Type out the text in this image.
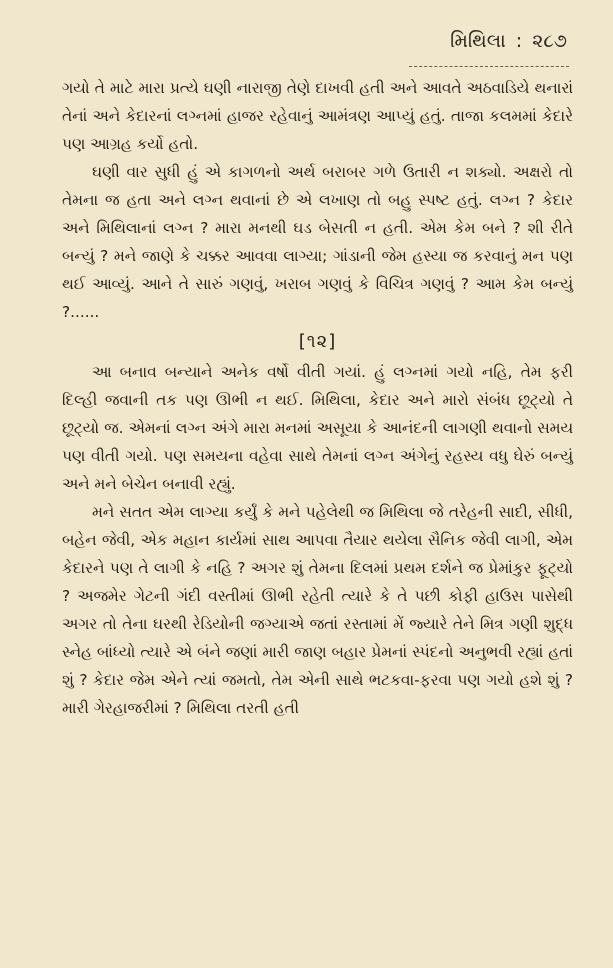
મિથિલા : ૨૮૭

ગયો તે માટે મારા પ્રત્યે ઘણી નારાજી તેણે દાખવી હતી અને આવતે અઠવાડિયે થનારાં તેનાં અને કેદારનાં લગ્નમાં હાજર રહેવાનું આમંત્રણ આપ્યું હતું. તાજા કલમમાં કેદારે પણ આગ્રહ કર્યો હતો.

ઘણી વાર સુધી હું એ કાગળનો અર્થ બરાબર ગળે ઉતારી ન શક્યો. અક્ષરો તો તેમના જ હતા અને લગ્ન થવાનાં છે એ લખાણ તો બહુ સ્પષ્ટ હતું. લગ્ન ? કેદાર અને મિથિલાનાં લગ્ન ? મારા મનથી ઘડ બેસતી ન હતી. એમ કેમ બને ? શી રીતે બન્યું ? મને જાણે કે ચક્કર આવવા લાગ્યા; ગાંડાની જેમ હસ્યા જ કરવાનું મન પણ થઈ આવ્યું. આને તે સારું ગણવું, ખરાબ ગણવું કે વિચિત્ર ગણવું ? આમ કેમ બન્યું ?......

[૧૨]

આ બનાવ બન્યાને અનેક વર્ષો વીતી ગયાં. હું લગ્નમાં ગયો નહિ, તેમ ફરી દિલ્હી જવાની તક પણ ઊભી ન થઈ. મિથિલા, કેદાર અને મારો સંબંધ છૂટ્યો તે છૂટ્યો જ. એમનાં લગ્ન અંગે મારા મનમાં અસૂયા કે આનંદની લાગણી થવાનો સમય પણ વીતી ગયો. પણ સમયના વહેવા સાથે તેમનાં લગ્ન અંગેનું રહસ્ય વધુ ઘેરું બન્યું અને મને બેચેન બનાવી રહ્યું.

મને સતત એમ લાગ્યા કર્યું કે મને પહેલેથી જ મિથિલા જે તરેહની સાદી, સીધી, બહેન જેવી, એક મહાન કાર્યમાં સાથ આપવા તૈયાર થયેલા સૈનિક જેવી લાગી, એમ કેદારને પણ તે લાગી કે નહિ ? અગર શું તેમના દિલમાં પ્રથમ દર્શને જ પ્રેમાંકુર ફૂટ્યો ? અજમેર ગેટની ગંદી વસ્તીમાં ઊભી રહેતી ત્યારે કે તે પછી કોફી હાઉસ પાસેથી અગર તો તેના ઘરથી રેડિયોની જગ્યાએ જતાં રસ્તામાં મેં જ્યારે તેને મિત્ર ગણી શુદ્ધ સ્નેહ બાંધ્યો ત્યારે એ બંને જણાં મારી જાણ બહાર પ્રેમનાં સ્પંદનો અનુભવી રહ્યાં હતાં શું ? કેદાર જેમ એને ત્યાં જમતો, તેમ એની સાથે ભટકવા-ફરવા પણ ગયો હશે શું ? મારી ગેરહાજરીમાં ? મિથિલા તરતી હતી
